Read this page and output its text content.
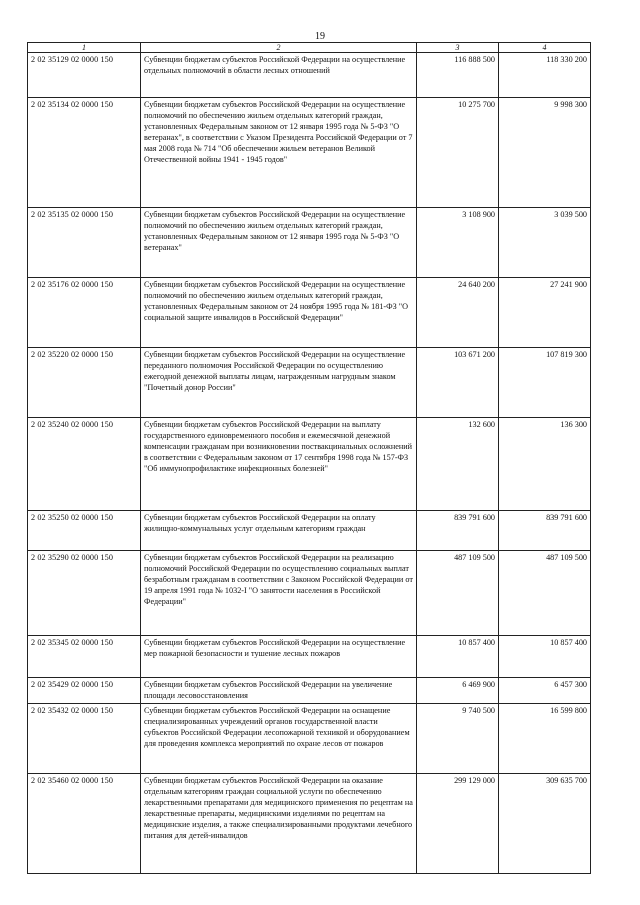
19
1	2	3	4
2 02 35129 02 0000 150	Субвенции бюджетам субъектов Российской Федерации на осуществление отдельных полномочий в области лесных отношений	116 888 500	118 330 200
2 02 35134 02 0000 150	Субвенции бюджетам субъектов Российской Федерации на осуществление полномочий по обеспечению жильем отдельных категорий граждан, установленных Федеральным законом от 12 января 1995 года № 5-ФЗ "О ветеранах", в соответствии с Указом Президента Российской Федерации от 7 мая 2008 года № 714 "Об обеспечении жильем ветеранов Великой Отечественной войны 1941 - 1945 годов"	10 275 700	9 998 300
2 02 35135 02 0000 150	Субвенции бюджетам субъектов Российской Федерации на осуществление полномочий по обеспечению жильем отдельных категорий граждан, установленных Федеральным законом от 12 января 1995 года № 5-ФЗ "О ветеранах"	3 108 900	3 039 500
2 02 35176 02 0000 150	Субвенции бюджетам субъектов Российской Федерации на осуществление полномочий по обеспечению жильем отдельных категорий граждан, установленных Федеральным законом от 24 ноября 1995 года № 181-ФЗ "О социальной защите инвалидов в Российской Федерации"	24 640 200	27 241 900
2 02 35220 02 0000 150	Субвенции бюджетам субъектов Российской Федерации на осуществление переданного полномочия Российской Федерации по осуществлению ежегодной денежной выплаты лицам, награжденным нагрудным знаком "Почетный донор России"	103 671 200	107 819 300
2 02 35240 02 0000 150	Субвенции бюджетам субъектов Российской Федерации на выплату государственного единовременного пособия и ежемесячной денежной компенсации гражданам при возникновении поствакцинальных осложнений в соответствии с Федеральным законом от 17 сентября 1998 года № 157-ФЗ "Об иммунопрофилактике инфекционных болезней"	132 600	136 300
2 02 35250 02 0000 150	Субвенции бюджетам субъектов Российской Федерации на оплату жилищно-коммунальных услуг отдельным категориям граждан	839 791 600	839 791 600
2 02 35290 02 0000 150	Субвенции бюджетам субъектов Российской Федерации на реализацию полномочий Российской Федерации по осуществлению социальных выплат безработным гражданам в соответствии с Законом Российской Федерации от 19 апреля 1991 года № 1032-I "О занятости населения в Российской Федерации"	487 109 500	487 109 500
2 02 35345 02 0000 150	Субвенции бюджетам субъектов Российской Федерации на осуществление мер пожарной безопасности и тушение лесных пожаров	10 857 400	10 857 400
2 02 35429 02 0000 150	Субвенции бюджетам субъектов Российской Федерации на увеличение площади лесовосстановления	6 469 900	6 457 300
2 02 35432 02 0000 150	Субвенции бюджетам субъектов Российской Федерации на оснащение специализированных учреждений органов государственной власти субъектов Российской Федерации лесопожарной техникой и оборудованием для проведения комплекса мероприятий по охране лесов от пожаров	9 740 500	16 599 800
2 02 35460 02 0000 150	Субвенции бюджетам субъектов Российской Федерации на оказание отдельным категориям граждан социальной услуги по обеспечению лекарственными препаратами для медицинского применения по рецептам на лекарственные препараты, медицинскими изделиями по рецептам на медицинские изделия, а также специализированными продуктами лечебного питания для детей-инвалидов	299 129 000	309 635 700
